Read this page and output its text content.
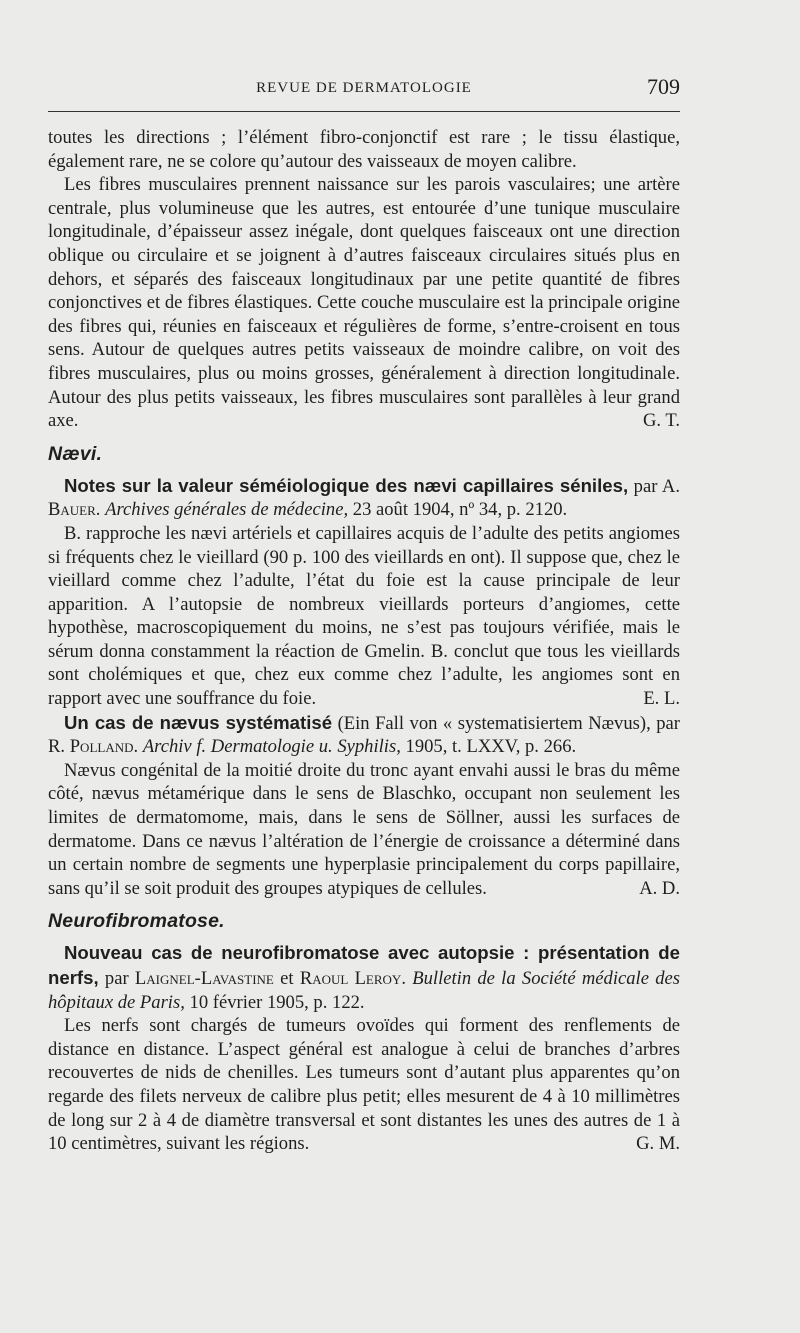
REVUE DE DERMATOLOGIE	709

toutes les directions ; l’élément fibro-conjonctif est rare ; le tissu élastique, également rare, ne se colore qu’autour des vaisseaux de moyen calibre.

Les fibres musculaires prennent naissance sur les parois vasculaires; une artère centrale, plus volumineuse que les autres, est entourée d’une tunique musculaire longitudinale, d’épaisseur assez inégale, dont quelques faisceaux ont une direction oblique ou circulaire et se joignent à d’autres faisceaux circulaires situés plus en dehors, et séparés des faisceaux longitudinaux par une petite quantité de fibres conjonctives et de fibres élastiques. Cette couche musculaire est la principale origine des fibres qui, réunies en faisceaux et régulières de forme, s’entre-croisent en tous sens. Autour de quelques autres petits vaisseaux de moindre calibre, on voit des fibres musculaires, plus ou moins grosses, généralement à direction longitudinale. Autour des plus petits vaisseaux, les fibres musculaires sont parallèles à leur grand axe.	G. T.

Nævi.

Notes sur la valeur séméiologique des nævi capillaires séniles, par A. Bauer. Archives générales de médecine, 23 août 1904, nº 34, p. 2120.

B. rapproche les nævi artériels et capillaires acquis de l’adulte des petits angiomes si fréquents chez le vieillard (90 p. 100 des vieillards en ont). Il suppose que, chez le vieillard comme chez l’adulte, l’état du foie est la cause principale de leur apparition. A l’autopsie de nombreux vieillards porteurs d’angiomes, cette hypothèse, macroscopiquement du moins, ne s’est pas toujours vérifiée, mais le sérum donna constamment la réaction de Gmelin. B. conclut que tous les vieillards sont cholémiques et que, chez eux comme chez l’adulte, les angiomes sont en rapport avec une souffrance du foie.	E. L.

Un cas de nævus systématisé (Ein Fall von « systematisiertem Nævus), par R. Polland. Archiv f. Dermatologie u. Syphilis, 1905, t. LXXV, p. 266.

Nævus congénital de la moitié droite du tronc ayant envahi aussi le bras du même côté, nævus métamérique dans le sens de Blaschko, occupant non seulement les limites de dermatomome, mais, dans le sens de Söllner, aussi les surfaces de dermatome. Dans ce nævus l’altération de l’énergie de croissance a déterminé dans un certain nombre de segments une hyperplasie principalement du corps papillaire, sans qu’il se soit produit des groupes atypiques de cellules.	A. D.

Neurofibromatose.

Nouveau cas de neurofibromatose avec autopsie : présentation de nerfs, par Laignel-Lavastine et Raoul Leroy. Bulletin de la Société médicale des hôpitaux de Paris, 10 février 1905, p. 122.

Les nerfs sont chargés de tumeurs ovoïdes qui forment des renflements de distance en distance. L’aspect général est analogue à celui de branches d’arbres recouvertes de nids de chenilles. Les tumeurs sont d’autant plus apparentes qu’on regarde des filets nerveux de calibre plus petit; elles mesurent de 4 à 10 millimètres de long sur 2 à 4 de diamètre transversal et sont distantes les unes des autres de 1 à 10 centimètres, suivant les régions.	G. M.
